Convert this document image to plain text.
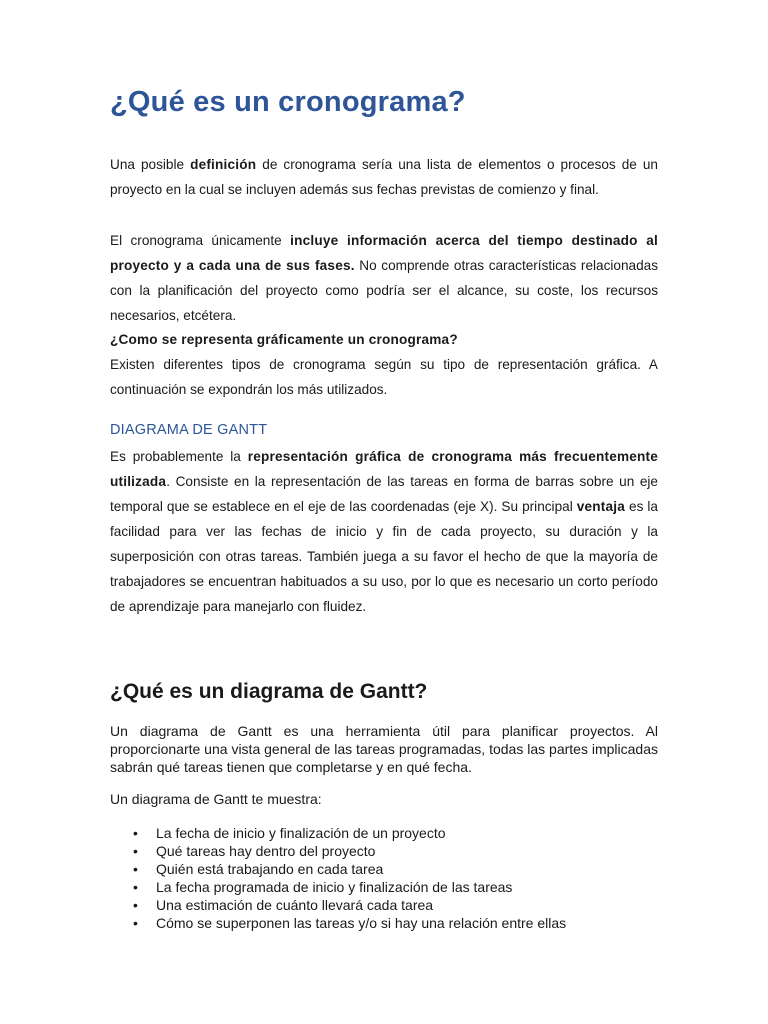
¿Qué es un cronograma?

Una posible definición de cronograma sería una lista de elementos o procesos de un proyecto en la cual se incluyen además sus fechas previstas de comienzo y final.

El cronograma únicamente incluye información acerca del tiempo destinado al proyecto y a cada una de sus fases. No comprende otras características relacionadas con la planificación del proyecto como podría ser el alcance, su coste, los recursos necesarios, etcétera.

¿Como se representa gráficamente un cronograma?

Existen diferentes tipos de cronograma según su tipo de representación gráfica. A continuación se expondrán los más utilizados.

DIAGRAMA DE GANTT

Es probablemente la representación gráfica de cronograma más frecuentemente utilizada. Consiste en la representación de las tareas en forma de barras sobre un eje temporal que se establece en el eje de las coordenadas (eje X). Su principal ventaja es la facilidad para ver las fechas de inicio y fin de cada proyecto, su duración y la superposición con otras tareas. También juega a su favor el hecho de que la mayoría de trabajadores se encuentran habituados a su uso, por lo que es necesario un corto período de aprendizaje para manejarlo con fluidez.

¿Qué es un diagrama de Gantt?

Un diagrama de Gantt es una herramienta útil para planificar proyectos. Al proporcionarte una vista general de las tareas programadas, todas las partes implicadas sabrán qué tareas tienen que completarse y en qué fecha.

Un diagrama de Gantt te muestra:

• La fecha de inicio y finalización de un proyecto
• Qué tareas hay dentro del proyecto
• Quién está trabajando en cada tarea
• La fecha programada de inicio y finalización de las tareas
• Una estimación de cuánto llevará cada tarea
• Cómo se superponen las tareas y/o si hay una relación entre ellas
